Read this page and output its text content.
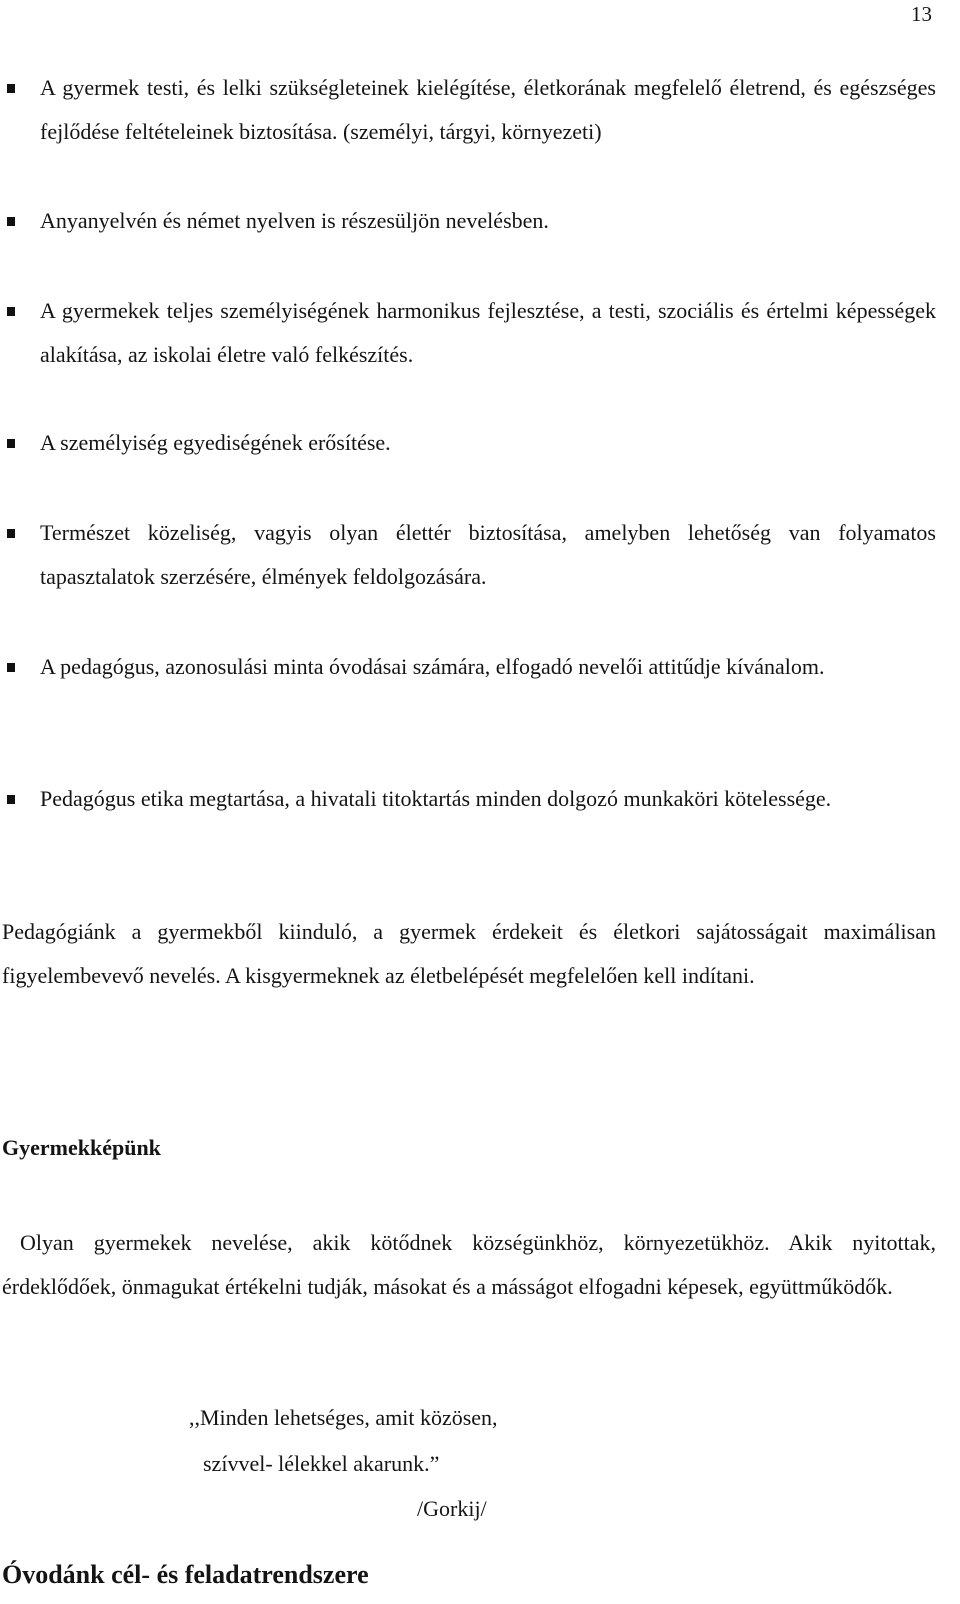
13
A gyermek testi, és lelki szükségleteinek kielégítése, életkorának megfelelő életrend, és egészséges fejlődése feltételeinek biztosítása. (személyi, tárgyi, környezeti)
Anyanyelvén és német nyelven is részesüljön nevelésben.
A gyermekek teljes személyiségének harmonikus fejlesztése, a testi, szociális és értelmi képességek alakítása, az iskolai életre való felkészítés.
A személyiség egyediségének erősítése.
Természet közeliség, vagyis olyan élettér biztosítása, amelyben lehetőség van folyamatos tapasztalatok szerzésére, élmények feldolgozására.
A pedagógus, azonosulási minta óvodásai számára, elfogadó nevelői attitűdje kívánalom.
Pedagógus etika megtartása, a hivatali titoktartás minden dolgozó munkaköri kötelessége.
Pedagógiánk a gyermekből kiinduló, a gyermek érdekeit és életkori sajátosságait maximálisan figyelembevevő nevelés. A kisgyermeknek az életbelépését megfelelően kell indítani.
Gyermekképünk
Olyan gyermekek nevelése, akik kötődnek községünkhöz, környezetükhöz. Akik nyitottak, érdeklődőek, önmagukat értékelni tudják, másokat és a másságot elfogadni képesek, együttműködők.
,,Minden lehetséges, amit közösen,
szívvel- lélekkel akarunk.”
/Gorkij/
Óvodánk cél- és feladatrendszere
